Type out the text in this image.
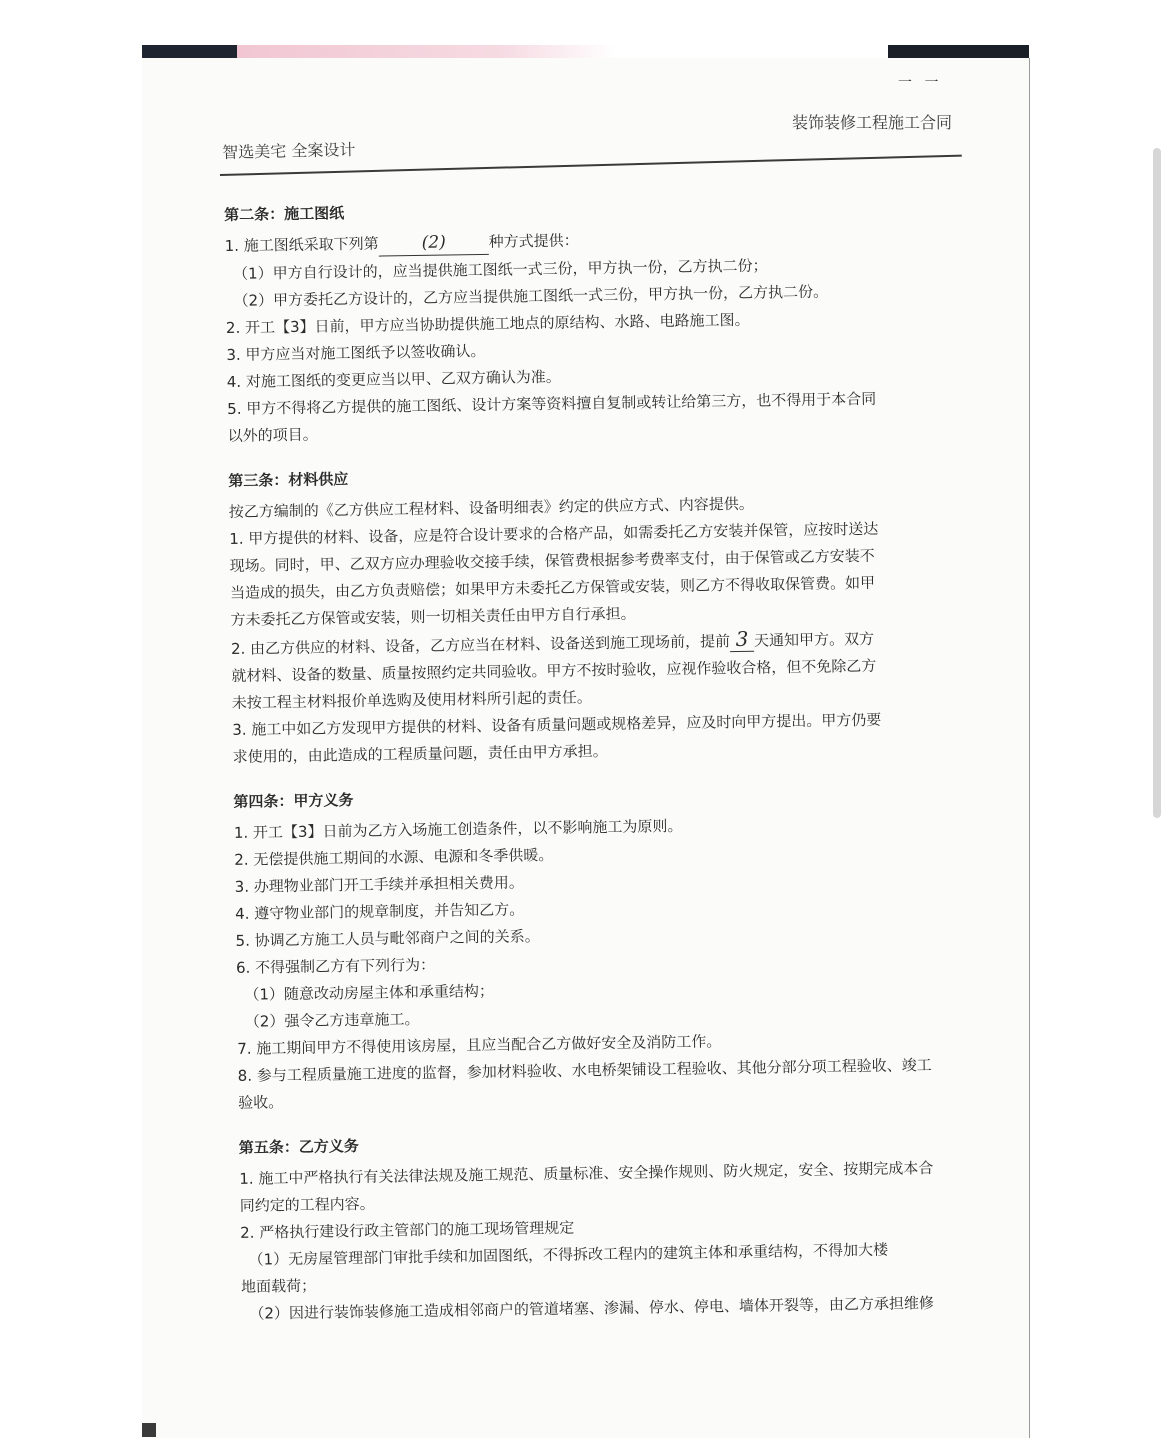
装饰装修工程施工合同
智选美宅 全案设计
第二条：施工图纸
1. 施工图纸采取下列第	(2)	种方式提供：
（1）甲方自行设计的，应当提供施工图纸一式三份，甲方执一份，乙方执二份；
（2）甲方委托乙方设计的，乙方应当提供施工图纸一式三份，甲方执一份，乙方执二份。
2. 开工【3】日前，甲方应当协助提供施工地点的原结构、水路、电路施工图。
3. 甲方应当对施工图纸予以签收确认。
4. 对施工图纸的变更应当以甲、乙双方确认为准。
5. 甲方不得将乙方提供的施工图纸、设计方案等资料擅自复制或转让给第三方，也不得用于本合同
以外的项目。
第三条：材料供应
按乙方编制的《乙方供应工程材料、设备明细表》约定的供应方式、内容提供。
1. 甲方提供的材料、设备，应是符合设计要求的合格产品，如需委托乙方安装并保管，应按时送达
现场。同时，甲、乙双方应办理验收交接手续，保管费根据参考费率支付，由于保管或乙方安装不
当造成的损失，由乙方负责赔偿；如果甲方未委托乙方保管或安装，则乙方不得收取保管费。如甲
方未委托乙方保管或安装，则一切相关责任由甲方自行承担。
2. 由乙方供应的材料、设备，乙方应当在材料、设备送到施工现场前，提前 3 天通知甲方。双方
就材料、设备的数量、质量按照约定共同验收。甲方不按时验收，应视作验收合格，但不免除乙方
未按工程主材料报价单选购及使用材料所引起的责任。
3. 施工中如乙方发现甲方提供的材料、设备有质量问题或规格差异，应及时向甲方提出。甲方仍要
求使用的，由此造成的工程质量问题，责任由甲方承担。
第四条：甲方义务
1. 开工【3】日前为乙方入场施工创造条件，以不影响施工为原则。
2. 无偿提供施工期间的水源、电源和冬季供暖。
3. 办理物业部门开工手续并承担相关费用。
4. 遵守物业部门的规章制度，并告知乙方。
5. 协调乙方施工人员与毗邻商户之间的关系。
6. 不得强制乙方有下列行为：
（1）随意改动房屋主体和承重结构；
（2）强令乙方违章施工。
7. 施工期间甲方不得使用该房屋，且应当配合乙方做好安全及消防工作。
8. 参与工程质量施工进度的监督，参加材料验收、水电桥架铺设工程验收、其他分部分项工程验收、竣工
验收。
第五条：乙方义务
1. 施工中严格执行有关法律法规及施工规范、质量标准、安全操作规则、防火规定，安全、按期完成本合
同约定的工程内容。
2. 严格执行建设行政主管部门的施工现场管理规定
（1）无房屋管理部门审批手续和加固图纸，不得拆改工程内的建筑主体和承重结构，不得加大楼
地面载荷；
（2）因进行装饰装修施工造成相邻商户的管道堵塞、渗漏、停水、停电、墙体开裂等，由乙方承担维修
